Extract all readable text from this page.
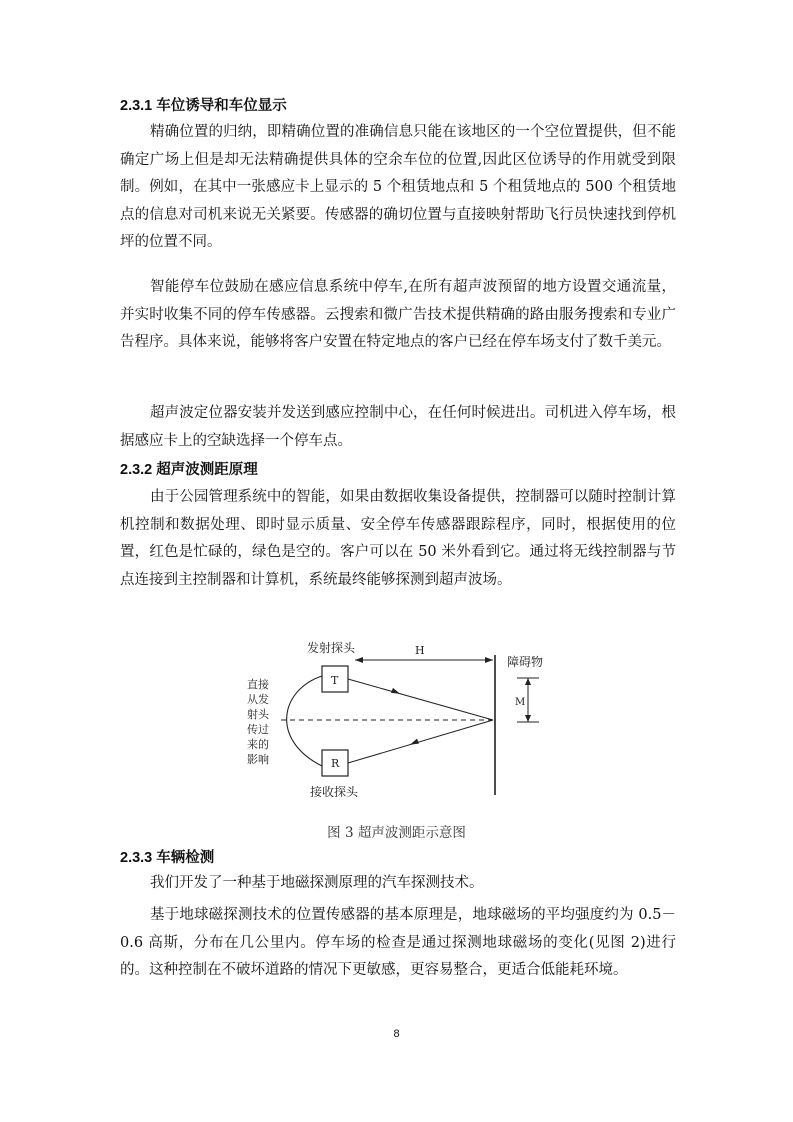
2.3.1 车位诱导和车位显示

精确位置的归纳，即精确位置的准确信息只能在该地区的一个空位置提供，但不能确定广场上但是却无法精确提供具体的空余车位的位置,因此区位诱导的作用就受到限制。例如，在其中一张感应卡上显示的 5 个租赁地点和 5 个租赁地点的 500 个租赁地点的信息对司机来说无关紧要。传感器的确切位置与直接映射帮助飞行员快速找到停机坪的位置不同。

智能停车位鼓励在感应信息系统中停车,在所有超声波预留的地方设置交通流量，并实时收集不同的停车传感器。云搜索和微广告技术提供精确的路由服务搜索和专业广告程序。具体来说，能够将客户安置在特定地点的客户已经在停车场支付了数千美元。

超声波定位器安装并发送到感应控制中心，在任何时候进出。司机进入停车场，根据感应卡上的空缺选择一个停车点。

2.3.2 超声波测距原理

由于公园管理系统中的智能，如果由数据收集设备提供，控制器可以随时控制计算机控制和数据处理、即时显示质量、安全停车传感器跟踪程序，同时，根据使用的位置，红色是忙碌的，绿色是空的。客户可以在 50 米外看到它。通过将无线控制器与节点连接到主控制器和计算机，系统最终能够探测到超声波场。

发射探头
障碍物
H
M
T
R
接收探头
直接
从发
射头
传过
来的
影响
图 3 超声波测距示意图
2.3.3 车辆检测

我们开发了一种基于地磁探测原理的汽车探测技术。

基于地球磁探测技术的位置传感器的基本原理是，地球磁场的平均强度约为 0.5－0.6 高斯，分布在几公里内。停车场的检查是通过探测地球磁场的变化(见图 2)进行的。这种控制在不破坏道路的情况下更敏感，更容易整合，更适合低能耗环境。

8
